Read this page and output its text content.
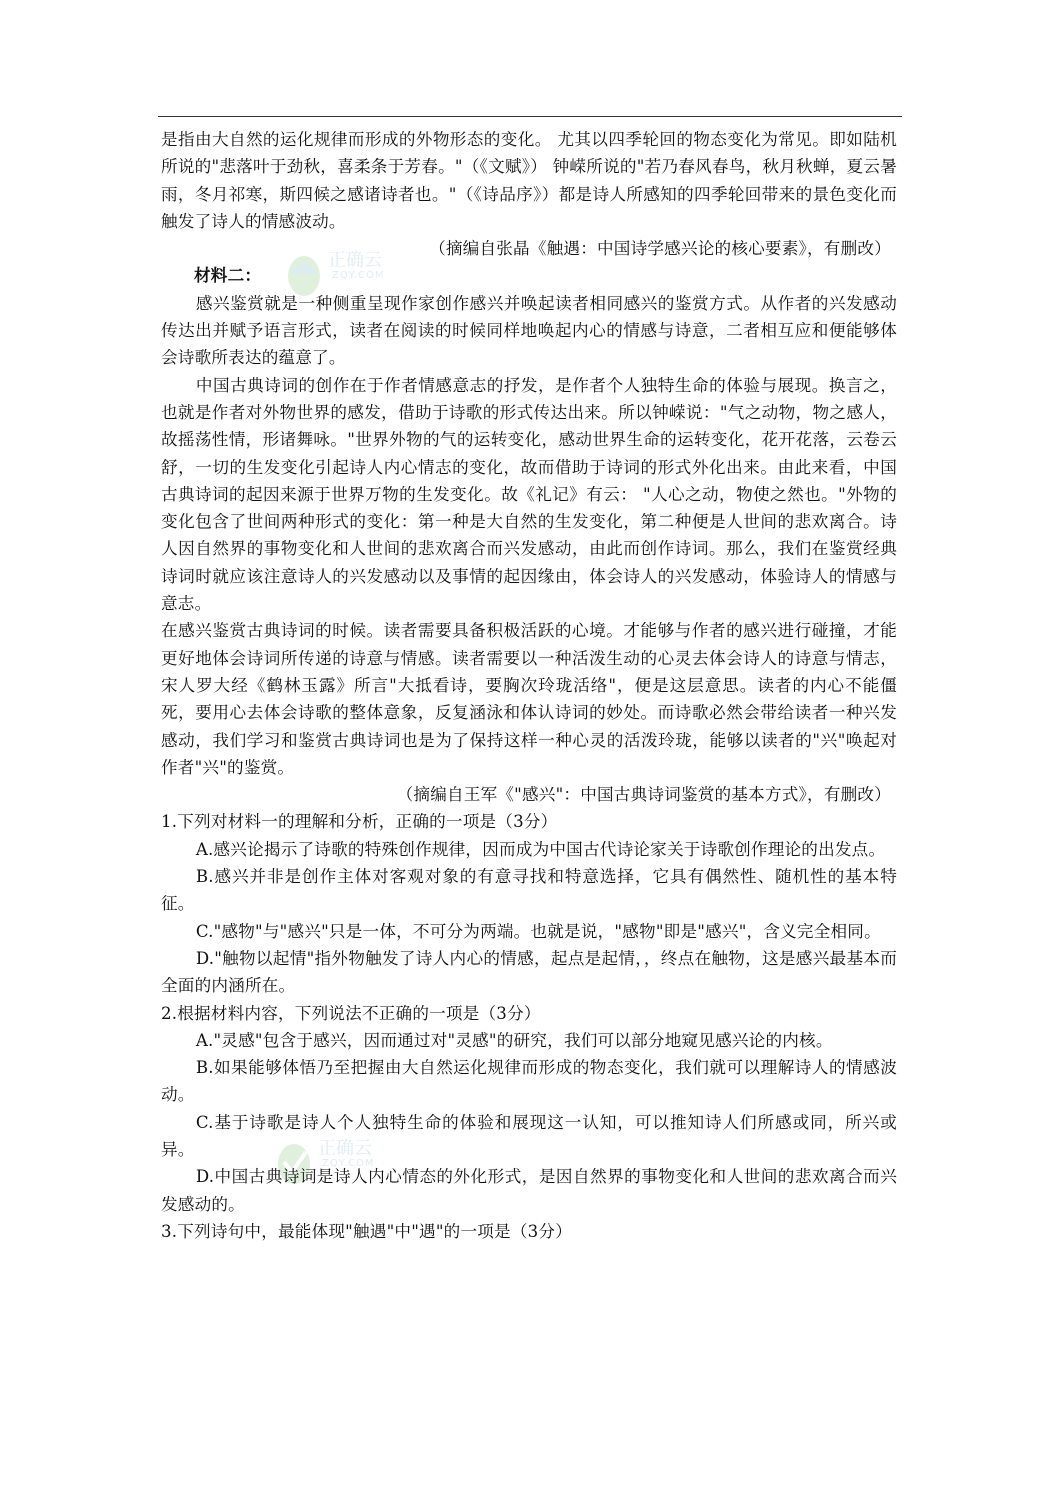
正确云
ZQY.COM
正确云
ZQY.COM

是指由大自然的运化规律而形成的外物形态的变化。 尤其以四季轮回的物态变化为常见。即如陆机所说的"悲落叶于劲秋，喜柔条于芳春。"（《文赋》） 钟嵘所说的"若乃春风春鸟，秋月秋蝉，夏云暑雨，冬月祁寒，斯四候之感诸诗者也。"（《诗品序》）都是诗人所感知的四季轮回带来的景色变化而触发了诗人的情感波动。

（摘编自张晶《触遇：中国诗学感兴论的核心要素》，有删改）

材料二：

感兴鉴赏就是一种侧重呈现作家创作感兴并唤起读者相同感兴的鉴赏方式。从作者的兴发感动传达出并赋予语言形式，读者在阅读的时候同样地唤起内心的情感与诗意，二者相互应和便能够体会诗歌所表达的蕴意了。

中国古典诗词的创作在于作者情感意志的抒发，是作者个人独特生命的体验与展现。换言之，也就是作者对外物世界的感发，借助于诗歌的形式传达出来。所以钟嵘说："气之动物，物之感人，故摇荡性情，形诸舞咏。"世界外物的气的运转变化，感动世界生命的运转变化，花开花落，云卷云舒，一切的生发变化引起诗人内心情志的变化，故而借助于诗词的形式外化出来。由此来看，中国古典诗词的起因来源于世界万物的生发变化。故《礼记》有云： "人心之动，物使之然也。"外物的变化包含了世间两种形式的变化：第一种是大自然的生发变化，第二种便是人世间的悲欢离合。诗人因自然界的事物变化和人世间的悲欢离合而兴发感动，由此而创作诗词。那么，我们在鉴赏经典诗词时就应该注意诗人的兴发感动以及事情的起因缘由，体会诗人的兴发感动，体验诗人的情感与意志。

在感兴鉴赏古典诗词的时候。读者需要具备积极活跃的心境。才能够与作者的感兴进行碰撞，才能更好地体会诗词所传递的诗意与情感。读者需要以一种活泼生动的心灵去体会诗人的诗意与情志，宋人罗大经《鹤林玉露》所言"大抵看诗，要胸次玲珑活络"，便是这层意思。读者的内心不能僵死，要用心去体会诗歌的整体意象，反复涵泳和体认诗词的妙处。而诗歌必然会带给读者一种兴发感动，我们学习和鉴赏古典诗词也是为了保持这样一种心灵的活泼玲珑，能够以读者的"兴"唤起对作者"兴"的鉴赏。

（摘编自王军《"感兴"：中国古典诗词鉴赏的基本方式》，有删改）

1.下列对材料一的理解和分析，正确的一项是（3分）

A.感兴论揭示了诗歌的特殊创作规律，因而成为中国古代诗论家关于诗歌创作理论的出发点。

B.感兴并非是创作主体对客观对象的有意寻找和特意选择，它具有偶然性、随机性的基本特征。

C."感物"与"感兴"只是一体，不可分为两端。也就是说，"感物"即是"感兴"，含义完全相同。

D."触物以起情"指外物触发了诗人内心的情感，起点是起情，，终点在触物，这是感兴最基本而全面的内涵所在。

2.根据材料内容，下列说法不正确的一项是（3分）

A."灵感"包含于感兴，因而通过对"灵感"的研究，我们可以部分地窥见感兴论的内核。

B.如果能够体悟乃至把握由大自然运化规律而形成的物态变化，我们就可以理解诗人的情感波动。

C.基于诗歌是诗人个人独特生命的体验和展现这一认知，可以推知诗人们所感或同，所兴或异。

D.中国古典诗词是诗人内心情态的外化形式，是因自然界的事物变化和人世间的悲欢离合而兴发感动的。

3.下列诗句中，最能体现"触遇"中"遇"的一项是（3分）
